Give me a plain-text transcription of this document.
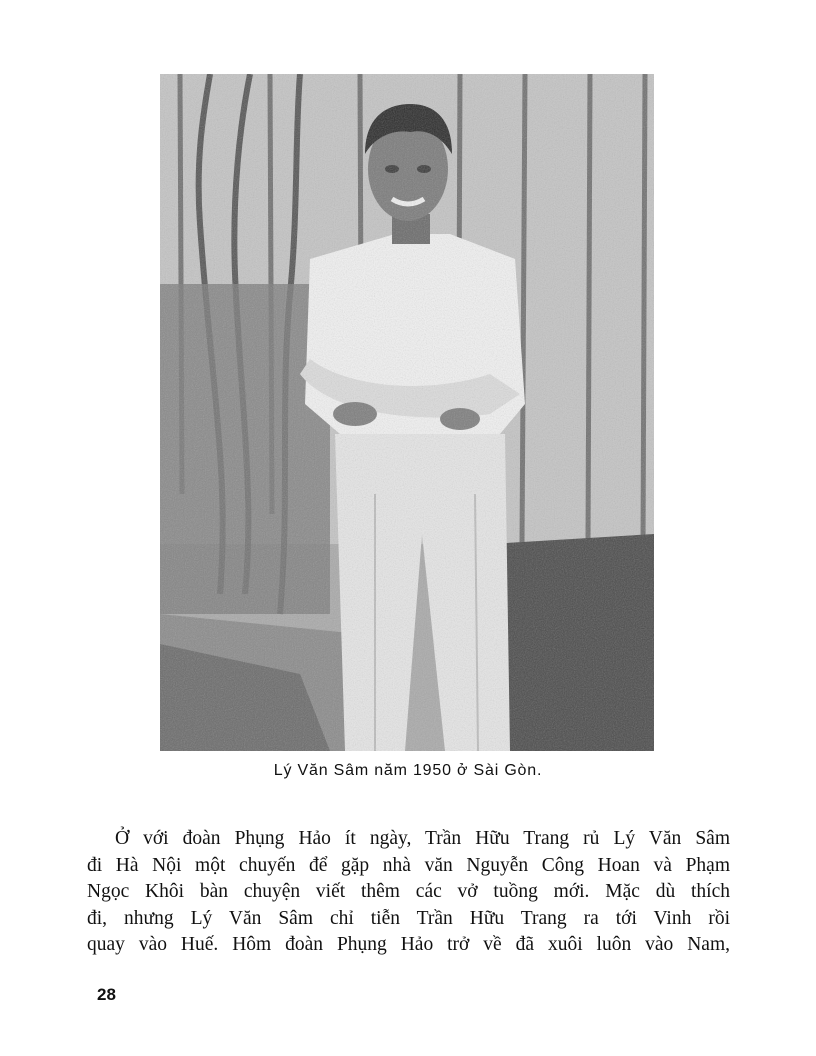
Lý Văn Sâm năm 1950 ở Sài Gòn.
Ở với đoàn Phụng Hảo ít ngày, Trần Hữu Trang rủ Lý Văn Sâm
đi Hà Nội một chuyến để gặp nhà văn Nguyễn Công Hoan và Phạm
Ngọc Khôi bàn chuyện viết thêm các vở tuồng mới. Mặc dù thích
đi, nhưng Lý Văn Sâm chỉ tiễn Trần Hữu Trang ra tới Vinh rồi
quay vào Huế. Hôm đoàn Phụng Hảo trở về đã xuôi luôn vào Nam,
28
